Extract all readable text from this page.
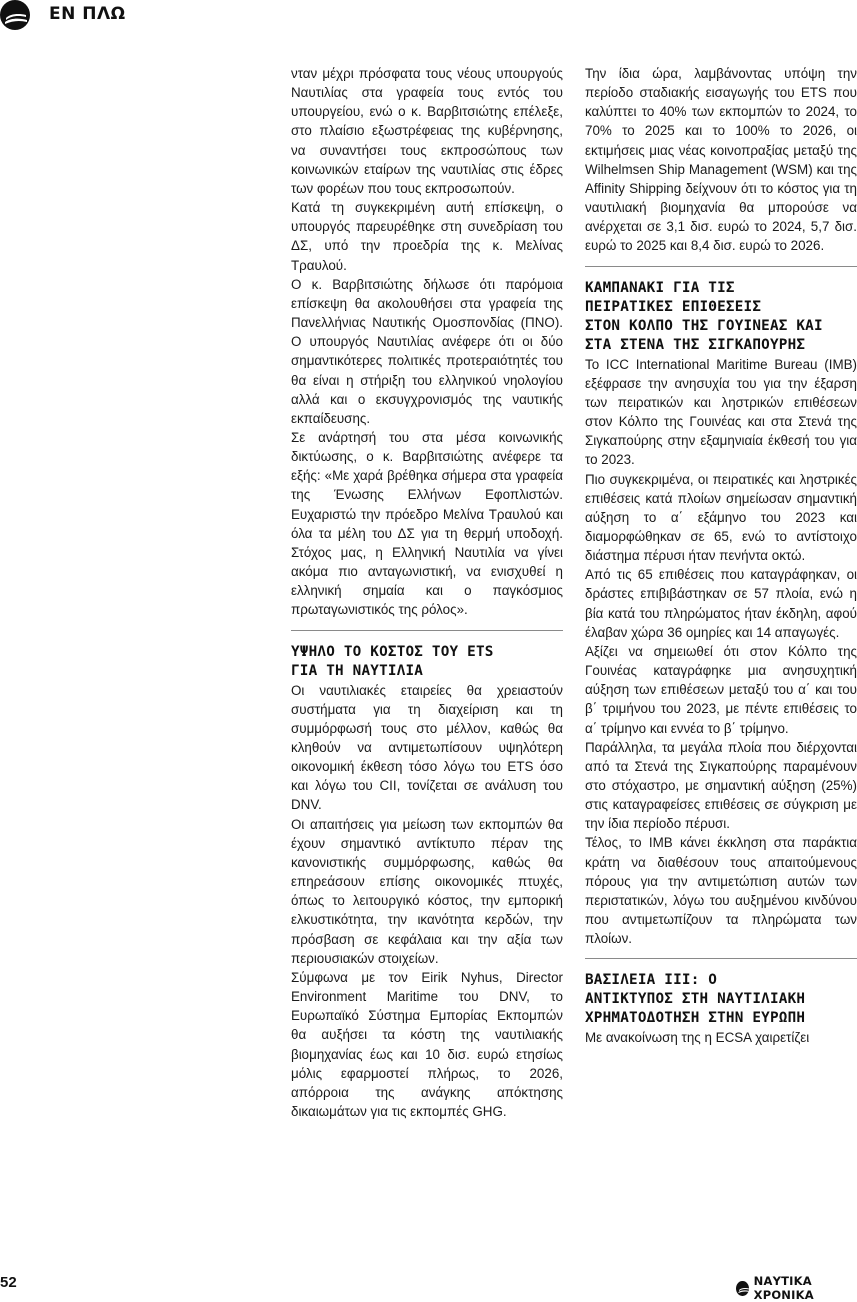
ΕΝ ΠΛΩ

νταν μέχρι πρόσφατα τους νέους υπουργούς Ναυτιλίας στα γραφεία τους εντός του υπουργείου, ενώ ο κ. Βαρβιτσιώτης επέλεξε, στο πλαίσιο εξωστρέφειας της κυβέρνησης, να συναντήσει τους εκπροσώπους των κοινωνικών εταίρων της ναυτιλίας στις έδρες των φορέων που τους εκπροσωπούν.

Κατά τη συγκεκριμένη αυτή επίσκεψη, ο υπουργός παρευρέθηκε στη συνεδρίαση του ΔΣ, υπό την προεδρία της κ. Μελίνας Τραυλού.

Ο κ. Βαρβιτσιώτης δήλωσε ότι παρόμοια επίσκεψη θα ακολουθήσει στα γραφεία της Πανελλήνιας Ναυτικής Ομοσπονδίας (ΠΝΟ). Ο υπουργός Ναυτιλίας ανέφερε ότι οι δύο σημαντικότερες πολιτικές προτεραιότητές του θα είναι η στήριξη του ελληνικού νηολογίου αλλά και ο εκσυγχρονισμός της ναυτικής εκπαίδευσης.

Σε ανάρτησή του στα μέσα κοινωνικής δικτύωσης, ο κ. Βαρβιτσιώτης ανέφερε τα εξής: «Με χαρά βρέθηκα σήμερα στα γραφεία της Ένωσης Ελλήνων Εφοπλιστών. Ευχαριστώ την πρόεδρο Μελίνα Τραυλού και όλα τα μέλη του ΔΣ για τη θερμή υποδοχή. Στόχος μας, η Ελληνική Ναυτιλία να γίνει ακόμα πιο ανταγωνιστική, να ενισχυθεί η ελληνική σημαία και ο παγκόσμιος πρωταγωνιστικός της ρόλος».

ΥΨΗΛΟ ΤΟ ΚΟΣΤΟΣ ΤΟΥ ETS
ΓΙΑ ΤΗ ΝΑΥΤΙΛΙΑ

Οι ναυτιλιακές εταιρείες θα χρειαστούν συστήματα για τη διαχείριση και τη συμμόρφωσή τους στο μέλλον, καθώς θα κληθούν να αντιμετωπίσουν υψηλότερη οικονομική έκθεση τόσο λόγω του ETS όσο και λόγω του CII, τονίζεται σε ανάλυση του DNV.

Οι απαιτήσεις για μείωση των εκπομπών θα έχουν σημαντικό αντίκτυπο πέραν της κανονιστικής συμμόρφωσης, καθώς θα επηρεάσουν επίσης οικονομικές πτυχές, όπως το λειτουργικό κόστος, την εμπορική ελκυστικότητα, την ικανότητα κερδών, την πρόσβαση σε κεφάλαια και την αξία των περιουσιακών στοιχείων.

Σύμφωνα με τον Eirik Nyhus, Director Environment Maritime του DNV, το Ευρωπαϊκό Σύστημα Εμπορίας Εκπομπών θα αυξήσει τα κόστη της ναυτιλιακής βιομηχανίας έως και 10 δισ. ευρώ ετησίως μόλις εφαρμοστεί πλήρως, το 2026, απόρροια της ανάγκης απόκτησης δικαιωμάτων για τις εκπομπές GHG.

Την ίδια ώρα, λαμβάνοντας υπόψη την περίοδο σταδιακής εισαγωγής του ETS που καλύπτει το 40% των εκπομπών το 2024, το 70% το 2025 και το 100% το 2026, οι εκτιμήσεις μιας νέας κοινοπραξίας μεταξύ της Wilhelmsen Ship Management (WSM) και της Affinity Shipping δείχνουν ότι το κόστος για τη ναυτιλιακή βιομηχανία θα μπορούσε να ανέρχεται σε 3,1 δισ. ευρώ το 2024, 5,7 δισ. ευρώ το 2025 και 8,4 δισ. ευρώ το 2026.

ΚΑΜΠΑΝΑΚΙ ΓΙΑ ΤΙΣ
ΠΕΙΡΑΤΙΚΕΣ ΕΠΙΘΕΣΕΙΣ
ΣΤΟΝ ΚΟΛΠΟ ΤΗΣ ΓΟΥΙΝΕΑΣ ΚΑΙ
ΣΤΑ ΣΤΕΝΑ ΤΗΣ ΣΙΓΚΑΠΟΥΡΗΣ

Το ICC International Maritime Bureau (IMB) εξέφρασε την ανησυχία του για την έξαρση των πειρατικών και ληστρικών επιθέσεων στον Κόλπο της Γουινέας και στα Στενά της Σιγκαπούρης στην εξαμηνιαία έκθεσή του για το 2023.

Πιο συγκεκριμένα, οι πειρατικές και ληστρικές επιθέσεις κατά πλοίων σημείωσαν σημαντική αύξηση το α΄ εξάμηνο του 2023 και διαμορφώθηκαν σε 65, ενώ το αντίστοιχο διάστημα πέρυσι ήταν πενήντα οκτώ.

Από τις 65 επιθέσεις που καταγράφηκαν, οι δράστες επιβιβάστηκαν σε 57 πλοία, ενώ η βία κατά του πληρώματος ήταν έκδηλη, αφού έλαβαν χώρα 36 ομηρίες και 14 απαγωγές.

Αξίζει να σημειωθεί ότι στον Κόλπο της Γουινέας καταγράφηκε μια ανησυχητική αύξηση των επιθέσεων μεταξύ του α΄ και του β΄ τριμήνου του 2023, με πέντε επιθέσεις το α΄ τρίμηνο και εννέα το β΄ τρίμηνο.

Παράλληλα, τα μεγάλα πλοία που διέρχονται από τα Στενά της Σιγκαπούρης παραμένουν στο στόχαστρο, με σημαντική αύξηση (25%) στις καταγραφείσες επιθέσεις σε σύγκριση με την ίδια περίοδο πέρυσι.

Τέλος, το IMB κάνει έκκληση στα παράκτια κράτη να διαθέσουν τους απαιτούμενους πόρους για την αντιμετώπιση αυτών των περιστατικών, λόγω του αυξημένου κινδύνου που αντιμετωπίζουν τα πληρώματα των πλοίων.

ΒΑΣΙΛΕΙΑ ΙΙΙ: Ο
ΑΝΤΙΚΤΥΠΟΣ ΣΤΗ ΝΑΥΤΙΛΙΑΚΗ
ΧΡΗΜΑΤΟΔΟΤΗΣΗ ΣΤΗΝ ΕΥΡΩΠΗ

Με ανακοίνωση της η ECSA χαιρετίζει

52	ΝΑΥΤΙΚΑ ΧΡΟΝΙΚΑ
